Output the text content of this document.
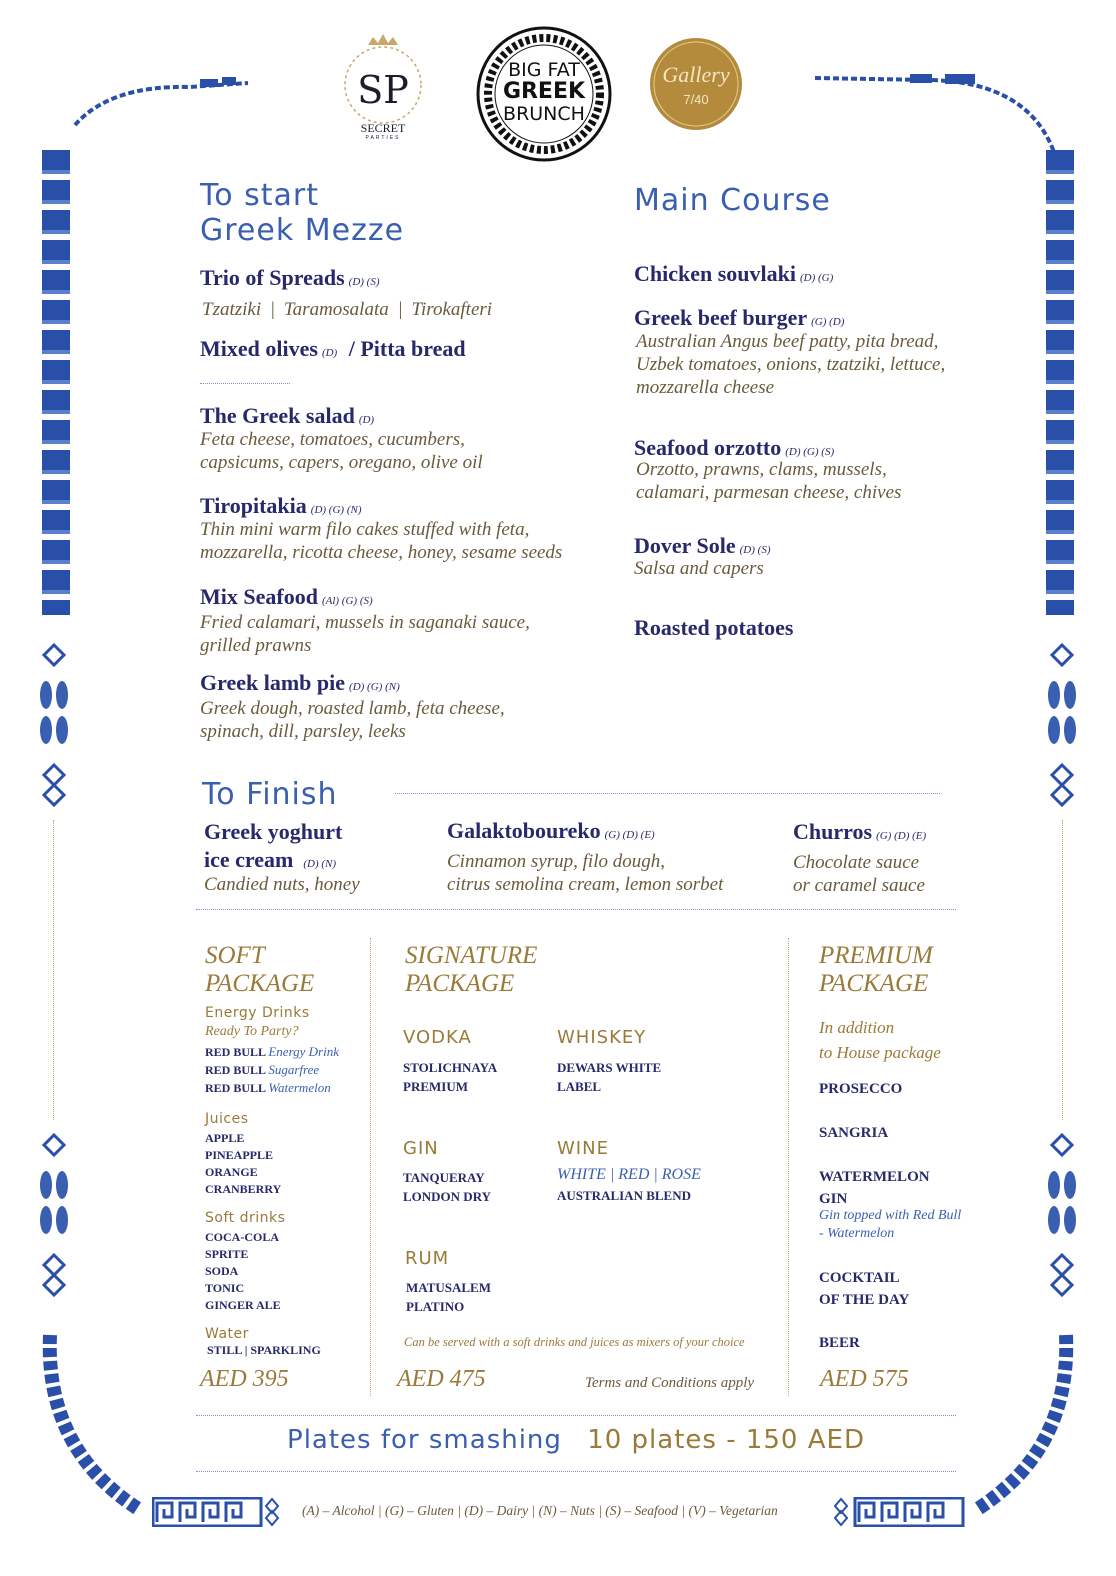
SP
SECRET
PARTIES
BIG FAT
GREEK
BRUNCH
Gallery
7/40
To start
Greek Mezze
Trio of Spreads (D) (S)
Tzatziki | Taramosalata | Tirokafteri
Mixed olives (D) / Pitta bread
The Greek salad (D)
Feta cheese, tomatoes, cucumbers,
capsicums, capers, oregano, olive oil
Tiropitakia (D) (G) (N)
Thin mini warm filo cakes stuffed with feta,
mozzarella, ricotta cheese, honey, sesame seeds
Mix Seafood (Al) (G) (S)
Fried calamari, mussels in saganaki sauce,
grilled prawns
Greek lamb pie (D) (G) (N)
Greek dough, roasted lamb, feta cheese,
spinach, dill, parsley, leeks
Main Course
Chicken souvlaki (D) (G)
Greek beef burger (G) (D)
Australian Angus beef patty, pita bread,
Uzbek tomatoes, onions, tzatziki, lettuce,
mozzarella cheese
Seafood orzotto (D) (G) (S)
Orzotto, prawns, clams, mussels,
calamari, parmesan cheese, chives
Dover Sole (D) (S)
Salsa and capers
Roasted potatoes
To Finish
Greek yoghurt
ice cream (D) (N)
Candied nuts, honey
Galaktoboureko (G) (D) (E)
Cinnamon syrup, filo dough,
citrus semolina cream, lemon sorbet
Churros (G) (D) (E)
Chocolate sauce
or caramel sauce
SOFT
PACKAGE
Energy Drinks
Ready To Party?
RED BULL Energy Drink
RED BULL Sugarfree
RED BULL Watermelon
Juices
APPLE
PINEAPPLE
ORANGE
CRANBERRY
Soft drinks
COCA-COLA
SPRITE
SODA
TONIC
GINGER ALE
Water
STILL | SPARKLING
AED 395
SIGNATURE
PACKAGE
VODKA
STOLICHNAYA
PREMIUM
WHISKEY
DEWARS WHITE
LABEL
GIN
TANQUERAY
LONDON DRY
WINE
WHITE | RED | ROSE
AUSTRALIAN BLEND
RUM
MATUSALEM
PLATINO
Can be served with a soft drinks and juices as mixers of your choice
AED 475	Terms and Conditions apply
PREMIUM
PACKAGE
In addition
to House package
PROSECCO
SANGRIA
WATERMELON
GIN
Gin topped with Red Bull
- Watermelon
COCKTAIL
OF THE DAY
BEER
AED 575
Plates for smashing 10 plates - 150 AED
(A) – Alcohol | (G) – Gluten | (D) – Dairy | (N) – Nuts | (S) – Seafood | (V) – Vegetarian
